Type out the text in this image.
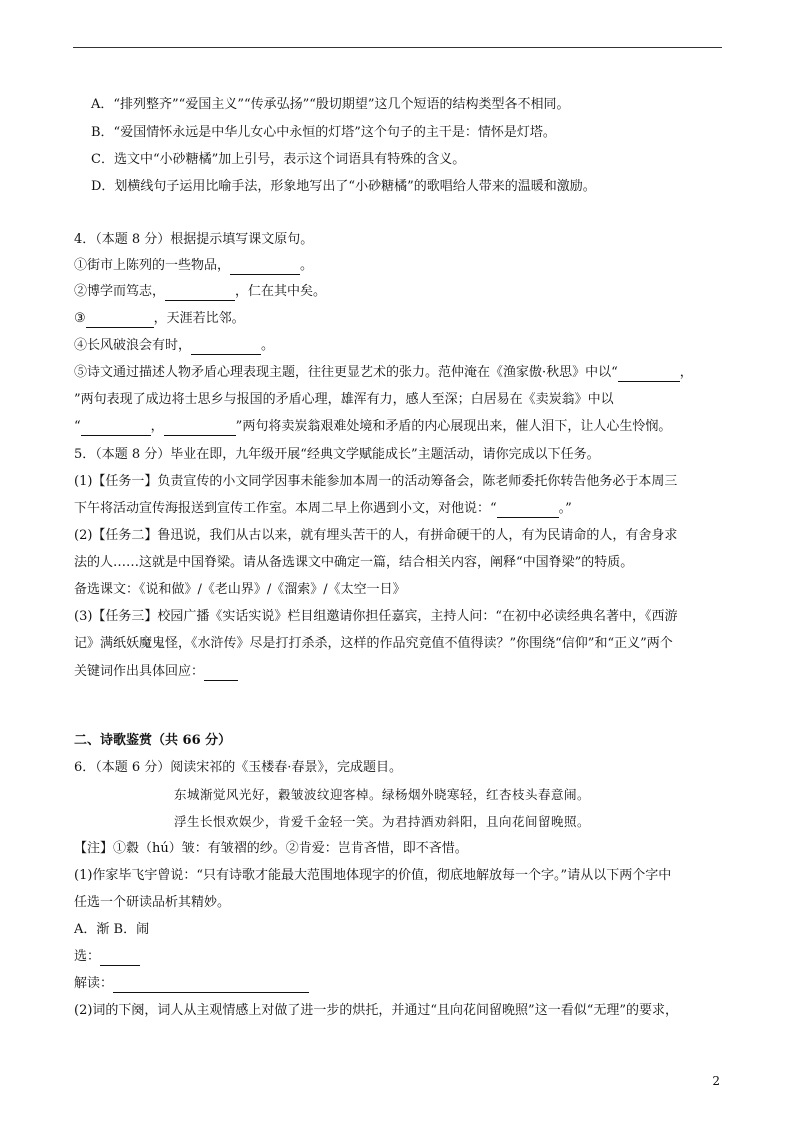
A．“排列整齐”“爱国主义”“传承弘扬”“殷切期望”这几个短语的结构类型各不相同。
B．“爱国情怀永远是中华儿女心中永恒的灯塔”这个句子的主干是：情怀是灯塔。
C．选文中“小砂糖橘”加上引号，表示这个词语具有特殊的含义。
D．划横线句子运用比喻手法，形象地写出了“小砂糖橘”的歌唱给人带来的温暖和激励。
4．（本题 8 分）根据提示填写课文原句。
①街市上陈列的一些物品，	。
②博学而笃志，	，仁在其中矣。
③	，天涯若比邻。
④长风破浪会有时，	。
⑤诗文通过描述人物矛盾心理表现主题，往往更显艺术的张力。范仲淹在《渔家傲·秋思》中以“	，
”两句表现了成边将士思乡与报国的矛盾心理，雄浑有力，感人至深；白居易在《卖炭翁》中以
“	，	”两句将卖炭翁艰难处境和矛盾的内心展现出来，催人泪下，让人心生怜悯。
5．（本题 8 分）毕业在即，九年级开展“经典文学赋能成长”主题活动，请你完成以下任务。
(1)【任务一】负责宣传的小文同学因事未能参加本周一的活动筹备会，陈老师委托你转告他务必于本周三
下午将活动宣传海报送到宣传工作室。本周二早上你遇到小文，对他说：“	。”
(2)【任务二】鲁迅说，我们从古以来，就有埋头苦干的人，有拼命硬干的人，有为民请命的人，有舍身求
法的人……这就是中国脊梁。请从备选课文中确定一篇，结合相关内容，阐释“中国脊梁”的特质。
备选课文：《说和做》/《老山界》/《溜索》/《太空一日》
(3)【任务三】校园广播《实话实说》栏目组邀请你担任嘉宾，主持人问：“在初中必读经典名著中，《西游
记》满纸妖魔鬼怪，《水浒传》尽是打打杀杀，这样的作品究竟值不值得读？”你围绕“信仰”和“正义”两个
关键词作出具体回应：
二、诗歌鉴赏（共 66 分）
6．（本题 6 分）阅读宋祁的《玉楼春·春景》，完成题目。
东城渐觉风光好，縠皱波纹迎客棹。绿杨烟外晓寒轻，红杏枝头春意闹。
浮生长恨欢娱少，肯爱千金轻一笑。为君持酒劝斜阳，且向花间留晚照。
【注】①縠（hú）皱：有皱褶的纱。②肯爱：岂肯吝惜，即不吝惜。
(1)作家毕飞宇曾说：“只有诗歌才能最大范围地体现字的价值，彻底地解放每一个字。”请从以下两个字中
任选一个研读品析其精妙。
A．渐 B．闹
选：
解读：
(2)词的下阕，词人从主观情感上对做了进一步的烘托，并通过“且向花间留晚照”这一看似“无理”的要求，
2
